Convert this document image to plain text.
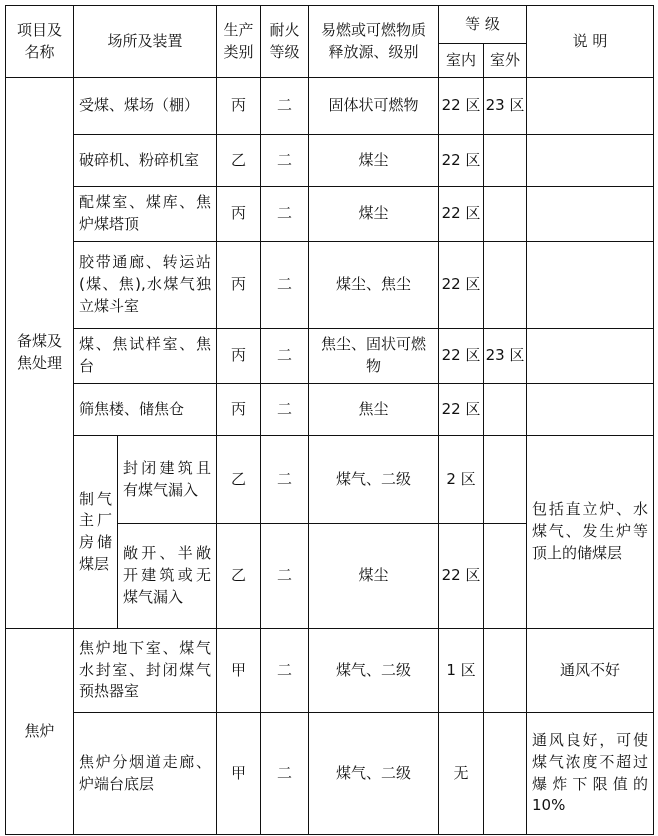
项目及名称	场所及装置		生产类别	耐火等级	易燃或可燃物质释放源、级别	等 级		说 明
						室内	室外	
备煤及焦处理	受煤、煤场（棚）		丙	二	固体状可燃物	22 区	23 区	
	破碎机、粉碎机室		乙	二	煤尘	22 区		
	配煤室、煤库、焦炉煤塔顶		丙	二	煤尘	22 区		
	胶带通廊、转运站(煤、焦),水煤气独立煤斗室		丙	二	煤尘、焦尘	22 区		
	煤、焦试样室、焦台		丙	二	焦尘、固状可燃物	22 区	23 区	
	筛焦楼、储焦仓		丙	二	焦尘	22 区		
	制气主厂房储煤层	封闭建筑且有煤气漏入	乙	二	煤气、二级	2 区		包括直立炉、水煤气、发生炉等顶上的储煤层
		敞开、半敞开建筑或无煤气漏入	乙	二	煤尘	22 区		
焦炉	焦炉地下室、煤气水封室、封闭煤气预热器室		甲	二	煤气、二级	1 区		通风不好
	焦炉分烟道走廊、炉端台底层		甲	二	煤气、二级	无		通风良好，可使煤气浓度不超过爆炸下限值的 10%
